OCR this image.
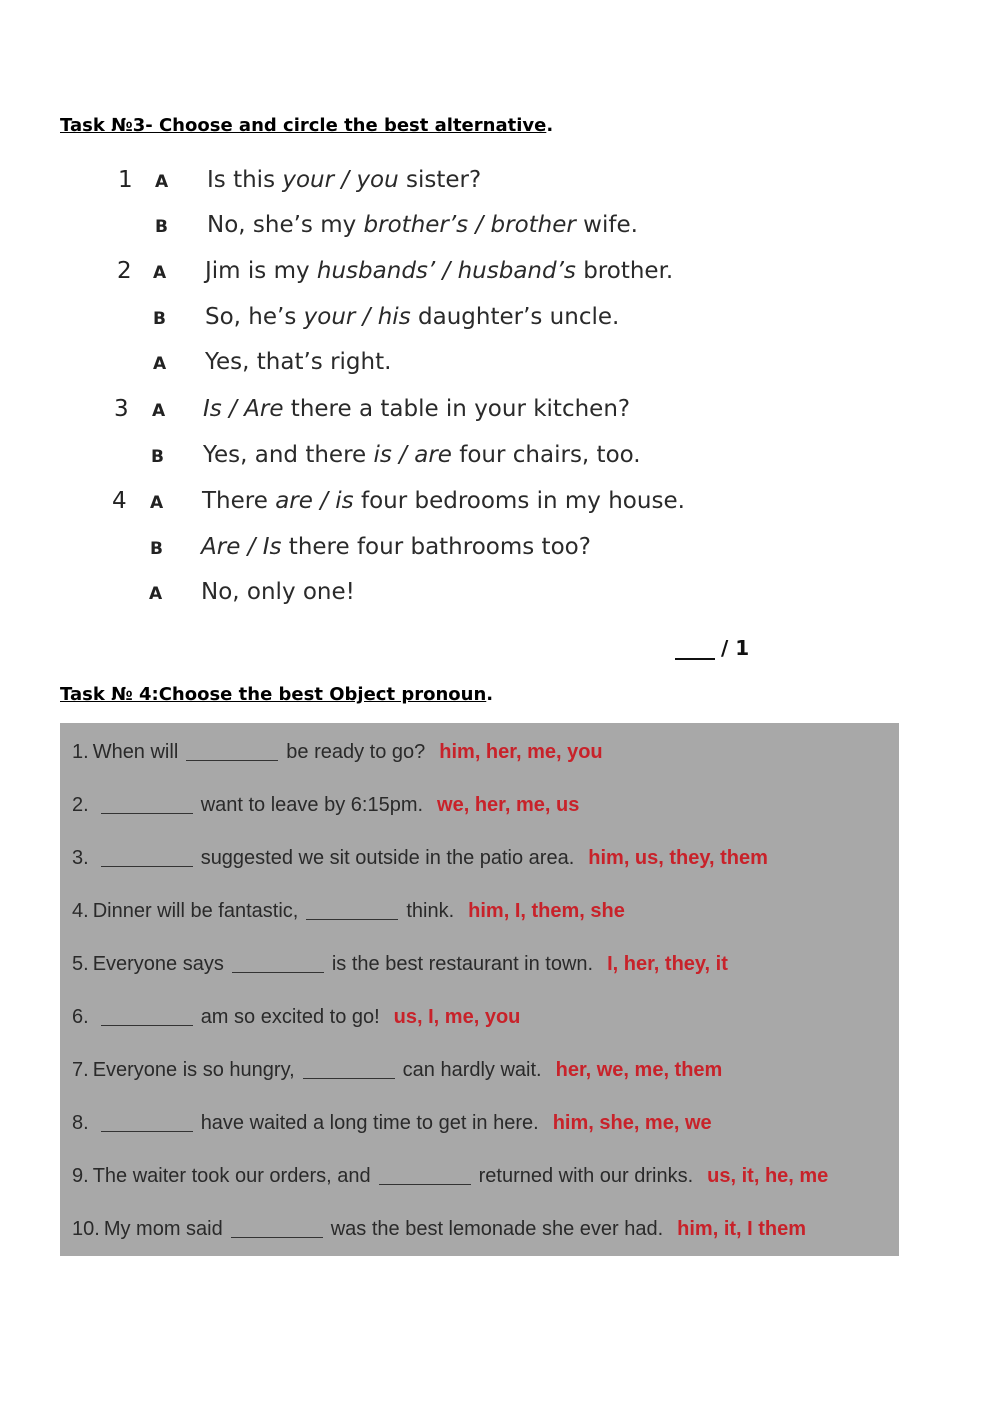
Task №3- Choose and circle the best alternative.
1	A	Is this your / you sister?
B	No, she’s my brother’s / brother wife.
2	A	Jim is my husbands’ / husband’s brother.
B	So, he’s your / his daughter’s uncle.
A	Yes, that’s right.
3	A	Is / Are there a table in your kitchen?
B	Yes, and there is / are four chairs, too.
4	A	There are / is four bedrooms in my house.
B	Are / Is there four bathrooms too?
A	No, only one!
/ 1
Task № 4:Choose the best Object pronoun.
1. When will	be ready to go? him, her, me, you
2.	want to leave by 6:15pm. we, her, me, us
3.	suggested we sit outside in the patio area. him, us, they, them
4. Dinner will be fantastic,	think. him, I, them, she
5. Everyone says	is the best restaurant in town. I, her, they, it
6.	am so excited to go! us, I, me, you
7. Everyone is so hungry,	can hardly wait. her, we, me, them
8.	have waited a long time to get in here. him, she, me, we
9. The waiter took our orders, and	returned with our drinks. us, it, he, me
10. My mom said	was the best lemonade she ever had. him, it, I them
